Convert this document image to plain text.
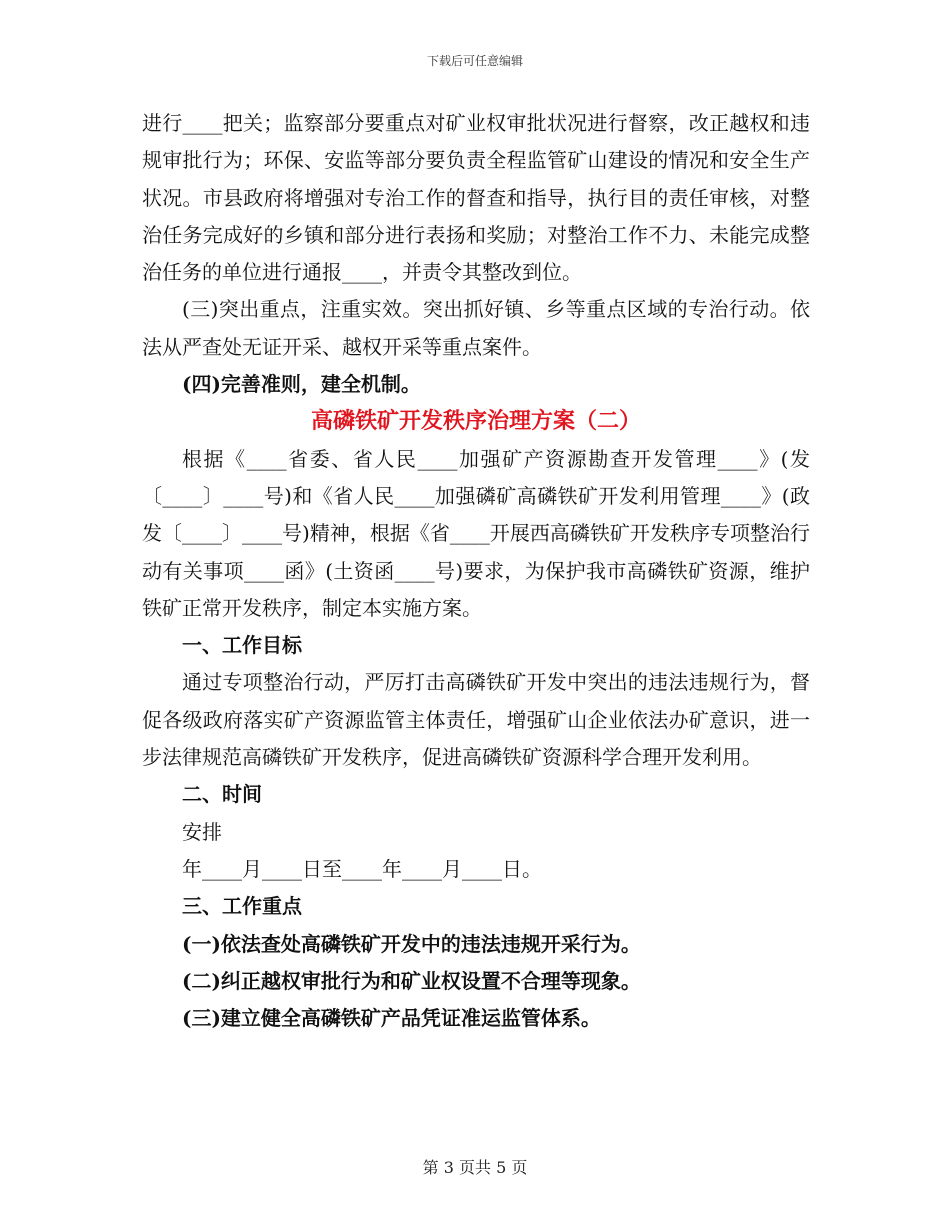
下载后可任意编辑

进行____把关；监察部分要重点对矿业权审批状况进行督察，改正越权和违规审批行为；环保、安监等部分要负责全程监管矿山建设的情况和安全生产状况。市县政府将增强对专治工作的督查和指导，执行目的责任审核，对整治任务完成好的乡镇和部分进行表扬和奖励；对整治工作不力、未能完成整治任务的单位进行通报____，并责令其整改到位。

(三)突出重点，注重实效。突出抓好镇、乡等重点区域的专治行动。依法从严查处无证开采、越权开采等重点案件。

(四)完善准则，建全机制。

高磷铁矿开发秩序治理方案（二）

根据《____省委、省人民____加强矿产资源勘查开发管理____》(发〔____〕____号)和《省人民____加强磷矿高磷铁矿开发利用管理____》(政发〔____〕____号)精神，根据《省____开展西高磷铁矿开发秩序专项整治行动有关事项____函》(土资函____号)要求，为保护我市高磷铁矿资源，维护铁矿正常开发秩序，制定本实施方案。

一、工作目标

通过专项整治行动，严厉打击高磷铁矿开发中突出的违法违规行为，督促各级政府落实矿产资源监管主体责任，增强矿山企业依法办矿意识，进一步法律规范高磷铁矿开发秩序，促进高磷铁矿资源科学合理开发利用。

二、时间

安排

年____月____日至____年____月____日。

三、工作重点

(一)依法查处高磷铁矿开发中的违法违规开采行为。

(二)纠正越权审批行为和矿业权设置不合理等现象。

(三)建立健全高磷铁矿产品凭证准运监管体系。

第 3 页共 5 页
